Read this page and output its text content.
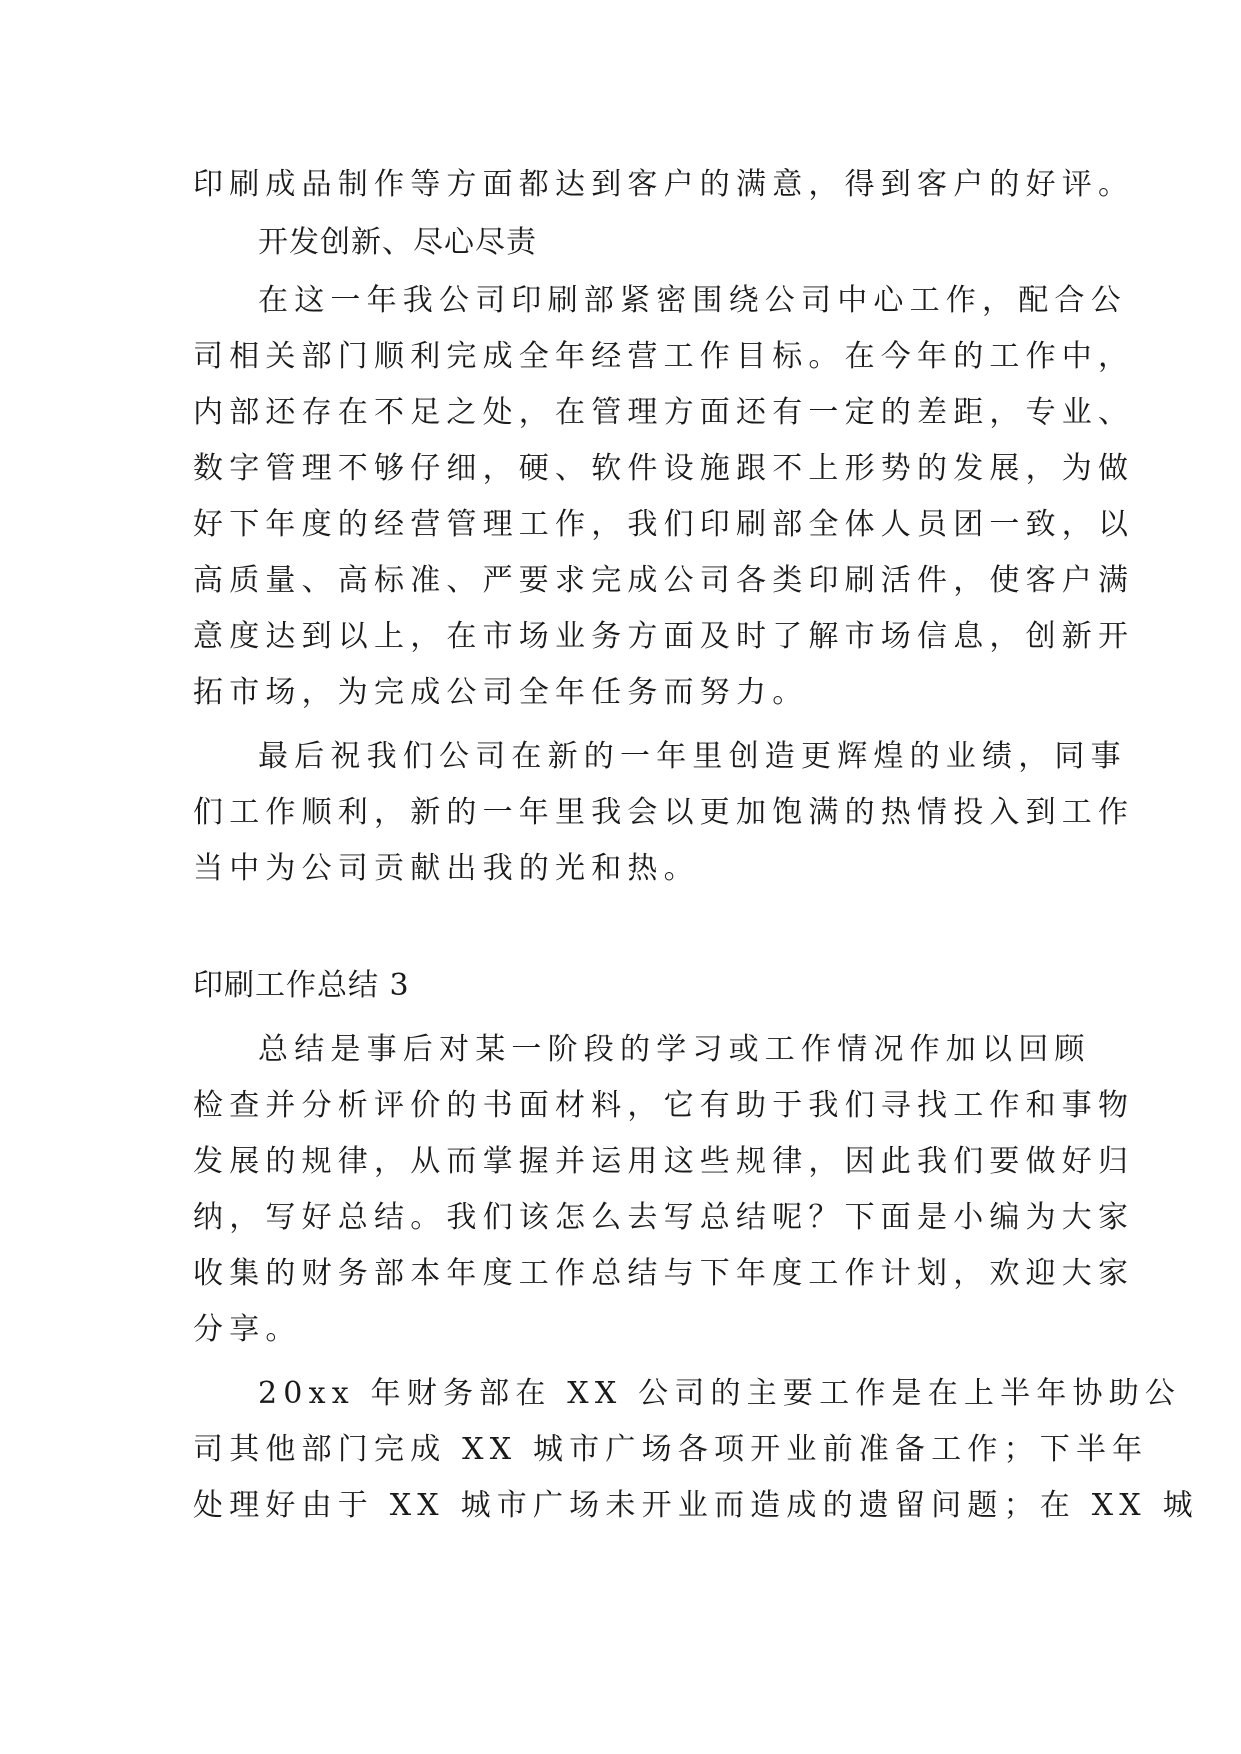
印刷成品制作等方面都达到客户的满意，得到客户的好评。
开发创新、尽心尽责
在这一年我公司印刷部紧密围绕公司中心工作，配合公
司相关部门顺利完成全年经营工作目标。在今年的工作中，
内部还存在不足之处，在管理方面还有一定的差距，专业、
数字管理不够仔细，硬、软件设施跟不上形势的发展，为做
好下年度的经营管理工作，我们印刷部全体人员团一致，以
高质量、高标准、严要求完成公司各类印刷活件，使客户满
意度达到以上，在市场业务方面及时了解市场信息，创新开
拓市场，为完成公司全年任务而努力。
最后祝我们公司在新的一年里创造更辉煌的业绩，同事
们工作顺利，新的一年里我会以更加饱满的热情投入到工作
当中为公司贡献出我的光和热。
印刷工作总结 3
总结是事后对某一阶段的学习或工作情况作加以回顾
检查并分析评价的书面材料，它有助于我们寻找工作和事物
发展的规律，从而掌握并运用这些规律，因此我们要做好归
纳，写好总结。我们该怎么去写总结呢？下面是小编为大家
收集的财务部本年度工作总结与下年度工作计划，欢迎大家
分享。
20xx 年财务部在 XX 公司的主要工作是在上半年协助公
司其他部门完成 XX 城市广场各项开业前准备工作；下半年
处理好由于 XX 城市广场未开业而造成的遗留问题；在 XX 城
